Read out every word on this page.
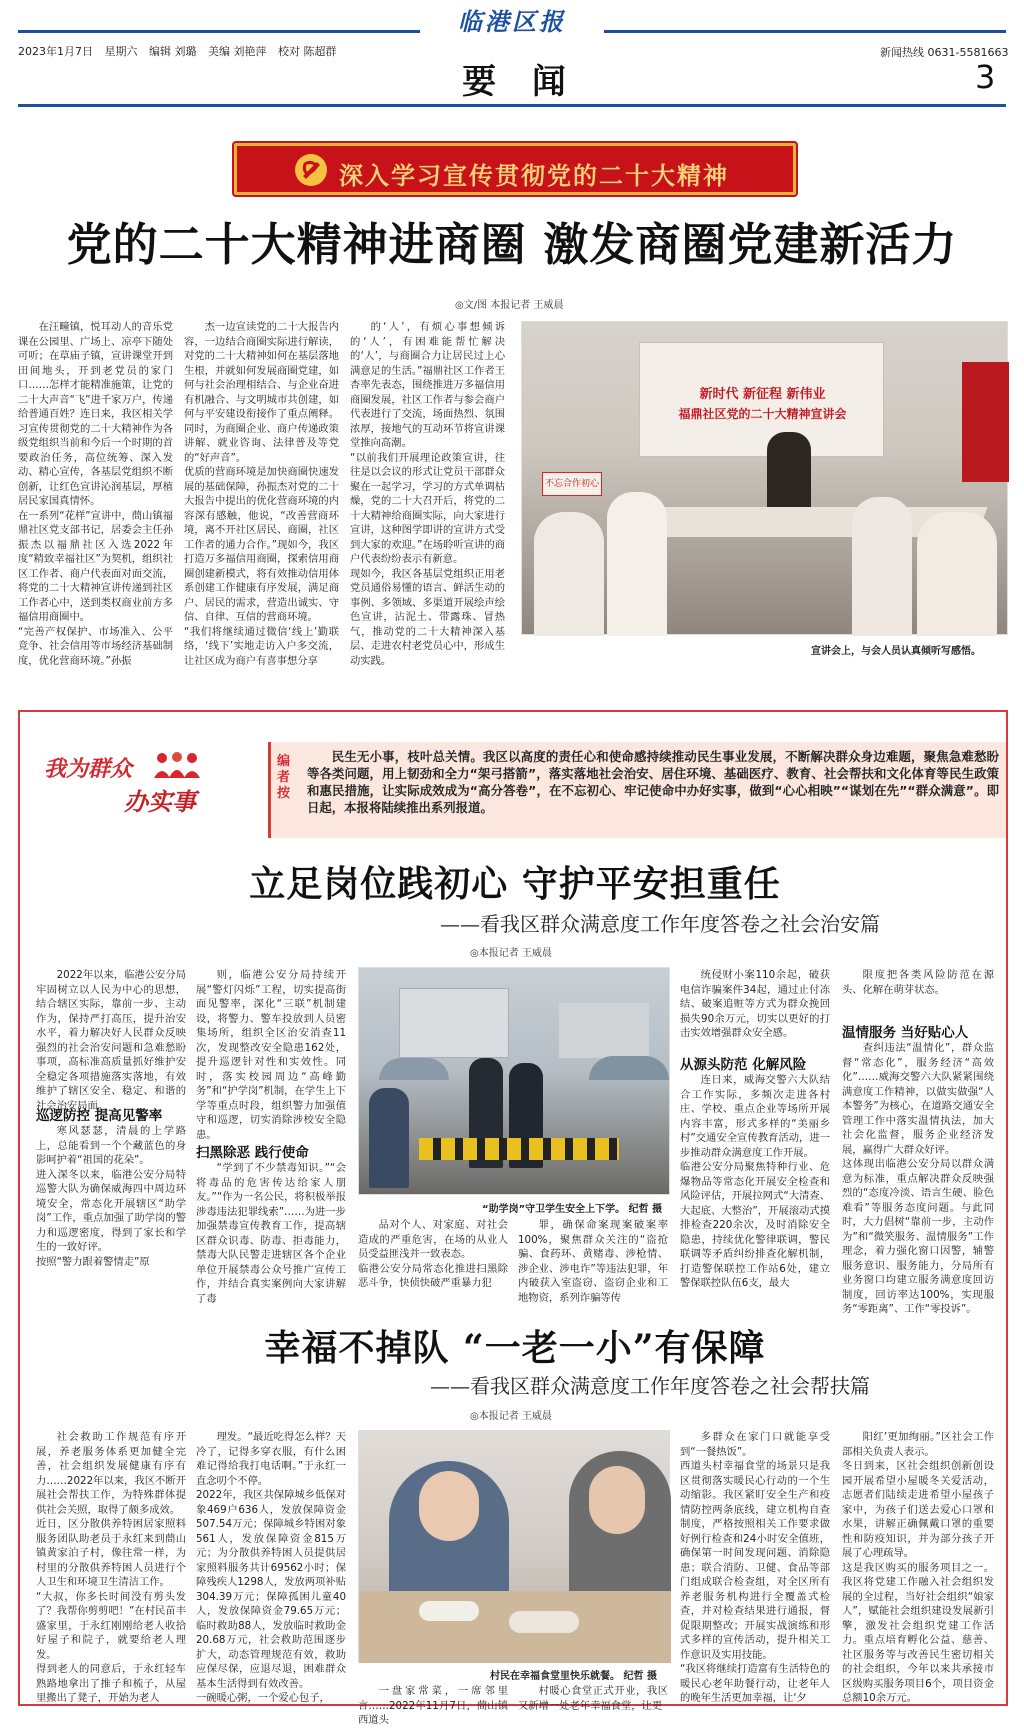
临港区报
2023年1月7日 星期六 编辑 刘璐 美编 刘艳萍 校对 陈超群
要 闻
新闻热线 0631-5581663
3
深入学习宣传贯彻党的二十大精神
党的二十大精神进商圈 激发商圈党建新活力
◎文/图 本报记者 王威晨
在汪疃镇，悦耳动人的音乐党课在公园里、广场上、凉亭下随处可听；在草庙子镇，宣讲课堂开到田间地头，开到老党员的家门口……怎样才能精准施策，让党的二十大声音“飞”进千家万户，传递给普通百姓？连日来，我区相关学习宣传贯彻党的二十大精神作为各级党组织当前和今后一个时期的首要政治任务，高位统筹、深入发动、精心宣传，各基层党组织不断创新，让红色宣讲沁润基层，厚植居民家国真情怀。
在一系列“花样”宣讲中，蔄山镇福鼎社区党支部书记，居委会主任孙振杰以福鼎社区入选2022年度“精致幸福社区”为契机，组织社区工作者、商户代表面对面交流，将党的二十大精神宣讲传递到社区工作者心中，送到类权商业前方多福信用商圈中。
“完善产权保护、市场准入、公平竞争、社会信用等市场经济基础制度，优化营商环境。”孙振
杰一边宣读党的二十大报告内容，一边结合商圈实际进行解读，对党的二十大精神如何在基层落地生根，并就如何发展商圈党建，如何与社会治理相结合、与企业奋进有机融合、与文明城市共创建，如何与平安建设衔接作了重点阐释。同时，为商圈企业、商户传递政策讲解、就业咨询、法律普及等党的“好声音”。
优质的营商环境是加快商圈快速发展的基础保障，孙振杰对党的二十大报告中提出的优化营商环境的内容深有感触，他说，“改善营商环境，离不开社区居民、商圈，社区工作者的通力合作。”现如今，我区打造万多福信用商圈，探索信用商圈创建新模式，将有效推动信用体系创建工作健康有序发展，满足商户、居民的需求，营造出诚实、守信、自律、互信的营商环境。
“我们将继续通过微信‘线上’勤联络，‘线下’实地走访入户多交流，让社区成为商户有喜事想分享
的‘人’，有烦心事想倾诉的‘人’，有困难能帮忙解决的‘人’，与商圈合力让居民过上心满意足的生活。”福鼎社区工作者王杏率先表态，围绕推进万多福信用商圈发展，社区工作者与参会商户代表进行了交流，场面热烈、氛围浓厚，接地气的互动环节将宣讲课堂推向高潮。
“以前我们开展理论政策宣讲，往往是以会议的形式让党员干部群众聚在一起学习，学习的方式单调枯燥，党的二十大召开后，将党的二十大精神给商圈实际，向大家进行宣讲，这种图学即讲的宣讲方式受到大家的欢迎。”在场聆听宣讲的商户代表纷纷表示有新意。
现如今，我区各基层党组织正用老党员通俗易懂的语言、鲜活生动的事例、多领域、多渠道开展绘声绘色宣讲，沾泥土、带露珠、冒热气，推动党的二十大精神深入基层、走进农村老党员心中，形成生动实践。
新时代 新征程 新伟业
福鼎社区党的二十大精神宣讲会
不忘合作初心
宣讲会上，与会人员认真倾听写感悟。
我为群众
办实事
编者按
民生无小事，枝叶总关情。我区以高度的责任心和使命感持续推动民生事业发展，不断解决群众身边难题，聚焦急难愁盼等各类问题，用上韧劲和全力“架弓搭箭”，落实落地社会治安、居住环境、基础医疗、教育、社会帮扶和文化体育等民生政策和惠民措施，让实际成效成为“高分答卷”，在不忘初心、牢记使命中办好实事，做到“心心相映”“谋划在先”“群众满意”。即日起，本报将陆续推出系列报道。
立足岗位践初心 守护平安担重任
——看我区群众满意度工作年度答卷之社会治安篇
◎本报记者 王威晨
2022年以来，临港公安分局牢固树立以人民为中心的思想，结合辖区实际，靠前一步、主动作为，保持严打高压，提升治安水平，着力解决好人民群众反映强烈的社会治安问题和急难愁盼事项，高标准高质量抓好维护安全稳定各项措施落实落地，有效维护了辖区安全、稳定、和谐的社会治安局面。
巡逻防控 提高见警率
寒风瑟瑟，清晨的上学路上，总能看到一个个藏蓝色的身影呵护着“祖国的花朵”。
进入深冬以来，临港公安分局特巡警大队为确保威海四中周边环境安全，常态化开展辖区“助学岗”工作，重点加强了助学岗的警力和巡逻密度，得到了家长和学生的一致好评。
按照“警力跟着警情走”原
则，临港公安分局持续开展“警灯闪烁”工程，切实提高街面见警率，深化“三联”机制建设，将警力、警车投放到人员密集场所，组织全区治安消查11次，发现整改安全隐患162处，提升巡逻针对性和实效性。同时，落实校园周边“高峰勤务”和“护学岗”机制，在学生上下学等重点时段，组织警力加强值守和巡逻，切实消除涉校安全隐患。
扫黑除恶 践行使命
“学到了不少禁毒知识。”“会将毒品的危害传达给家人朋友。”“作为一名公民，将积极举报涉毒违法犯罪线索”……为进一步加强禁毒宣传教育工作，提高辖区群众识毒、防毒、拒毒能力，禁毒大队民警走进辖区各个企业单位开展禁毒公众号推广宣传工作，并结合真实案例向大家讲解了毒
“助学岗”守卫学生安全上下学。 纪哲 摄
品对个人、对家庭、对社会造成的严重危害，在场的从业人员受益匪浅并一致表态。
临港公安分局常态化推进扫黑除恶斗争，快侦快破严重暴力犯
罪，确保命案现案破案率100%，聚焦群众关注的“盗抢骗、食药环、黄赌毒、涉枪情、涉企业、涉电诈”等违法犯罪，年内破获入室盗窃、盗窃企业和工地物资，系列诈骗等传
统侵财小案110余起，破获电信诈骗案件34起，通过止付冻结、破案追赃等方式为群众挽回损失90余万元，切实以更好的打击实效增强群众安全感。
从源头防范 化解风险
连日来，威海交警六大队结合工作实际，多频次走进各村庄、学校、重点企业等场所开展内容丰富，形式多样的“美丽乡村”交通安全宣传教育活动，进一步推动群众满意度工作开展。
临港公安分局聚焦特种行业、危爆物品等常态化开展安全检查和风险评估，开展拉网式“大清查、大起底、大整治”，开展滚动式摸排检查220余次，及时消除安全隐患，持续优化警律联调，警民联调等矛盾纠纷排查化解机制，打造警保联控工作站6处，建立警保联控队伍6支，最大
限度把各类风险防范在源头、化解在萌芽状态。
温情服务 当好贴心人
查纠违法“温情化”，群众监督“常态化”，服务经济“高效化”……威海交警六大队紧紧围绕满意度工作精神，以做实做强“人本警务”为核心，在道路交通安全管理工作中落实温情执法，加大社会化监督，服务企业经济发展，赢得广大群众好评。
这体现出临港公安分局以群众满意为标准，重点解决群众反映强烈的“态度冷淡、语言生硬、脸色难看”等服务态度问题。与此同时，大力倡树“靠前一步，主动作为”和“微笑服务、温情服务”工作理念，着力强化窗口因警，辅警服务意识、服务能力，分局所有业务窗口均建立服务满意度回访制度，回访率达100%，实现服务“零距离”、工作“零投诉”。
幸福不掉队 “一老一小”有保障
——看我区群众满意度工作年度答卷之社会帮扶篇
◎本报记者 王威晨
社会救助工作规范有序开展，养老服务体系更加健全完善，社会组织发展健康有序有力……2022年以来，我区不断开展社会帮扶工作，为特殊群体提供社会关照，取得了颇多成效。
近日，区分散供养特困居家照料服务团队助老员于永红来到蔄山镇黄家泊子村，像往常一样，为村里的分散供养特困人员进行个人卫生和环境卫生清洁工作。
“大叔，你多长时间没有剪头发了？我帮你剪剪吧！”在村民苗丰盛家里，于永红刚刚给老人收拾好屋子和院子，就要给老人理发。
得到老人的同意后，于永红轻车熟路地拿出了推子和梳子，从屋里搬出了凳子，开始为老人
理发。“最近吃得怎么样？天冷了，记得多穿衣服，有什么困难记得给我打电话啊。”于永红一直念叨个不停。
2022年，我区共保障城乡低保对象469户636人，发放保障资金507.54万元；保障城乡特困对象561人，发放保障资金815万元；为分散供养特困人员提供居家照料服务共计69562小时；保障残疾人1298人，发放两项补贴304.39万元；保障孤困儿童40人，发放保障资金79.65万元；临时救助88人，发放临时救助金20.68万元，社会救助范围逐步扩大，动态管理规范有效，救助应保尽保，应退尽退，困难群众基本生活得到有效改善。
一碗暖心粥，一个爱心包子，
村民在幸福食堂里快乐就餐。 纪哲 摄
一盘家常菜，一席邻里言……2022年11月7日，蔄山镇西道头
村暖心食堂正式开业，我区又新增一处老年幸福食堂，让更
多群众在家门口就能享受到“一餐热饭”。
西道头村幸福食堂的场景只是我区贯彻落实暖民心行动的一个生动缩影。我区紧盯安全生产和疫情防控两条底线，建立机构自查制度，严格按照相关工作要求做好例行检查和24小时安全值班，确保第一时间发现问题、消除隐患；联合消防、卫健、食品等部门组成联合检查组，对全区所有养老服务机构进行全覆盖式检查，并对检查结果进行通报，督促限期整改；开展实战演练和形式多样的宣传活动，提升相关工作意识及实用技能。
“我区将继续打造富有生活特色的暖民心老年助餐行动，让老年人的晚年生活更加幸福，让‘夕
阳红’更加绚丽。”区社会工作部相关负责人表示。
冬日到来，区社会组织创新创设园开展希望小屋暖冬关爱活动，志愿者们陆续走进希望小屋孩子家中，为孩子们送去爱心口罩和水果，讲解正确佩戴口罩的重要性和防疫知识，并为部分孩子开展了心理疏导。
这是我区购买的服务项目之一。我区将党建工作融入社会组织发展的全过程，当好社会组织“娘家人”，赋能社会组织建设发展新引擎，激发社会组织党建工作活力。重点培育孵化公益、慈善、社区服务等与改善民生密切相关的社会组织，今年以来共承接市区级购买服务项目6个，项目资金总额10余万元。
